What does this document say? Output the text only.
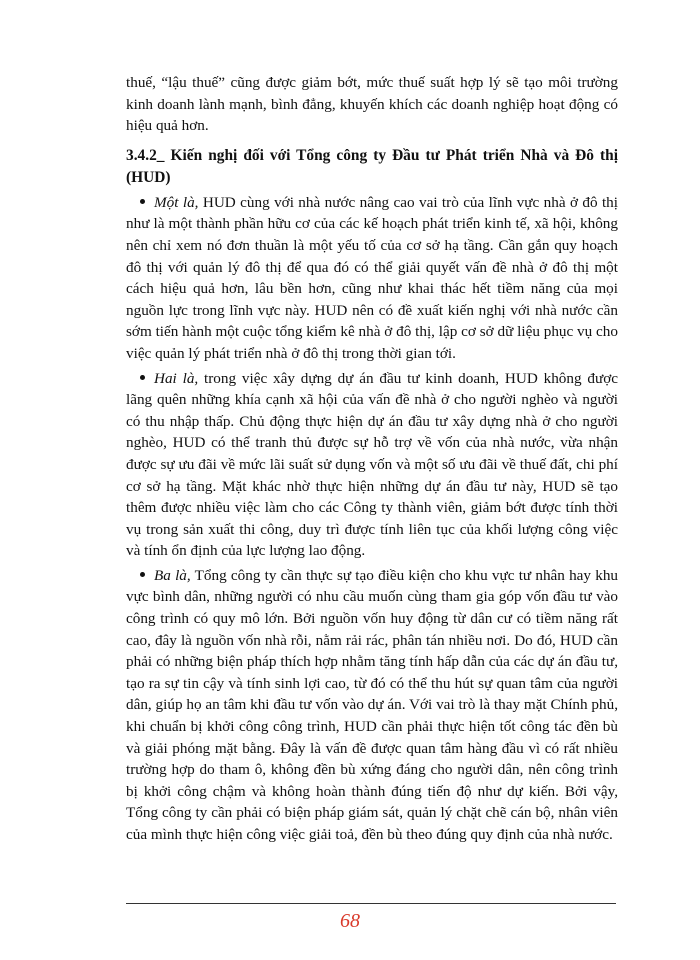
thuế, “lậu thuế” cũng được giảm bớt, mức thuế suất hợp lý sẽ tạo môi trường kinh doanh lành mạnh, bình đẳng, khuyến khích các doanh nghiệp hoạt động có hiệu quả hơn.

3.4.2_ Kiến nghị đối với Tổng công ty Đầu tư Phát triển Nhà và Đô thị (HUD)

Một là, HUD cùng với nhà nước nâng cao vai trò của lĩnh vực nhà ở đô thị như là một thành phần hữu cơ của các kế hoạch phát triển kinh tế, xã hội, không nên chỉ xem nó đơn thuần là một yếu tố của cơ sở hạ tầng. Cần gắn quy hoạch đô thị với quản lý đô thị để qua đó có thể giải quyết vấn đề nhà ở đô thị một cách hiệu quả hơn, lâu bền hơn, cũng như khai thác hết tiềm năng của mọi nguồn lực trong lĩnh vực này. HUD nên có đề xuất kiến nghị với nhà nước cần sớm tiến hành một cuộc tổng kiểm kê nhà ở đô thị, lập cơ sở dữ liệu phục vụ cho việc quản lý phát triển nhà ở đô thị trong thời gian tới.

Hai là, trong việc xây dựng dự án đầu tư kinh doanh, HUD không được lãng quên những khía cạnh xã hội của vấn đề nhà ở cho người nghèo và người có thu nhập thấp. Chủ động thực hiện dự án đầu tư xây dựng nhà ở cho người nghèo, HUD có thể tranh thủ được sự hỗ trợ về vốn của nhà nước, vừa nhận được sự ưu đãi về mức lãi suất sử dụng vốn và một số ưu đãi về thuế đất, chi phí cơ sở hạ tầng. Mặt khác nhờ thực hiện những dự án đầu tư này, HUD sẽ tạo thêm được nhiều việc làm cho các Công ty thành viên, giảm bớt được tính thời vụ trong sản xuất thi công, duy trì được tính liên tục của khối lượng công việc và tính ổn định của lực lượng lao động.

Ba là, Tổng công ty cần thực sự tạo điều kiện cho khu vực tư nhân hay khu vực bình dân, những người có nhu cầu muốn cùng tham gia góp vốn đầu tư vào công trình có quy mô lớn. Bởi nguồn vốn huy động từ dân cư có tiềm năng rất cao, đây là nguồn vốn nhà rỗi, nằm rải rác, phân tán nhiều nơi. Do đó, HUD cần phải có những biện pháp thích hợp nhằm tăng tính hấp dẫn của các dự án đầu tư, tạo ra sự tin cậy và tính sinh lợi cao, từ đó có thể thu hút sự quan tâm của người dân, giúp họ an tâm khi đầu tư vốn vào dự án. Với vai trò là thay mặt Chính phủ, khi chuẩn bị khởi công công trình, HUD cần phải thực hiện tốt công tác đền bù và giải phóng mặt bằng. Đây là vấn đề được quan tâm hàng đầu vì có rất nhiều trường hợp do tham ô, không đền bù xứng đáng cho người dân, nên công trình bị khởi công chậm và không hoàn thành đúng tiến độ như dự kiến. Bởi vậy, Tổng công ty cần phải có biện pháp giám sát, quản lý chặt chẽ cán bộ, nhân viên của mình thực hiện công việc giải toả, đền bù theo đúng quy định của nhà nước.

68
